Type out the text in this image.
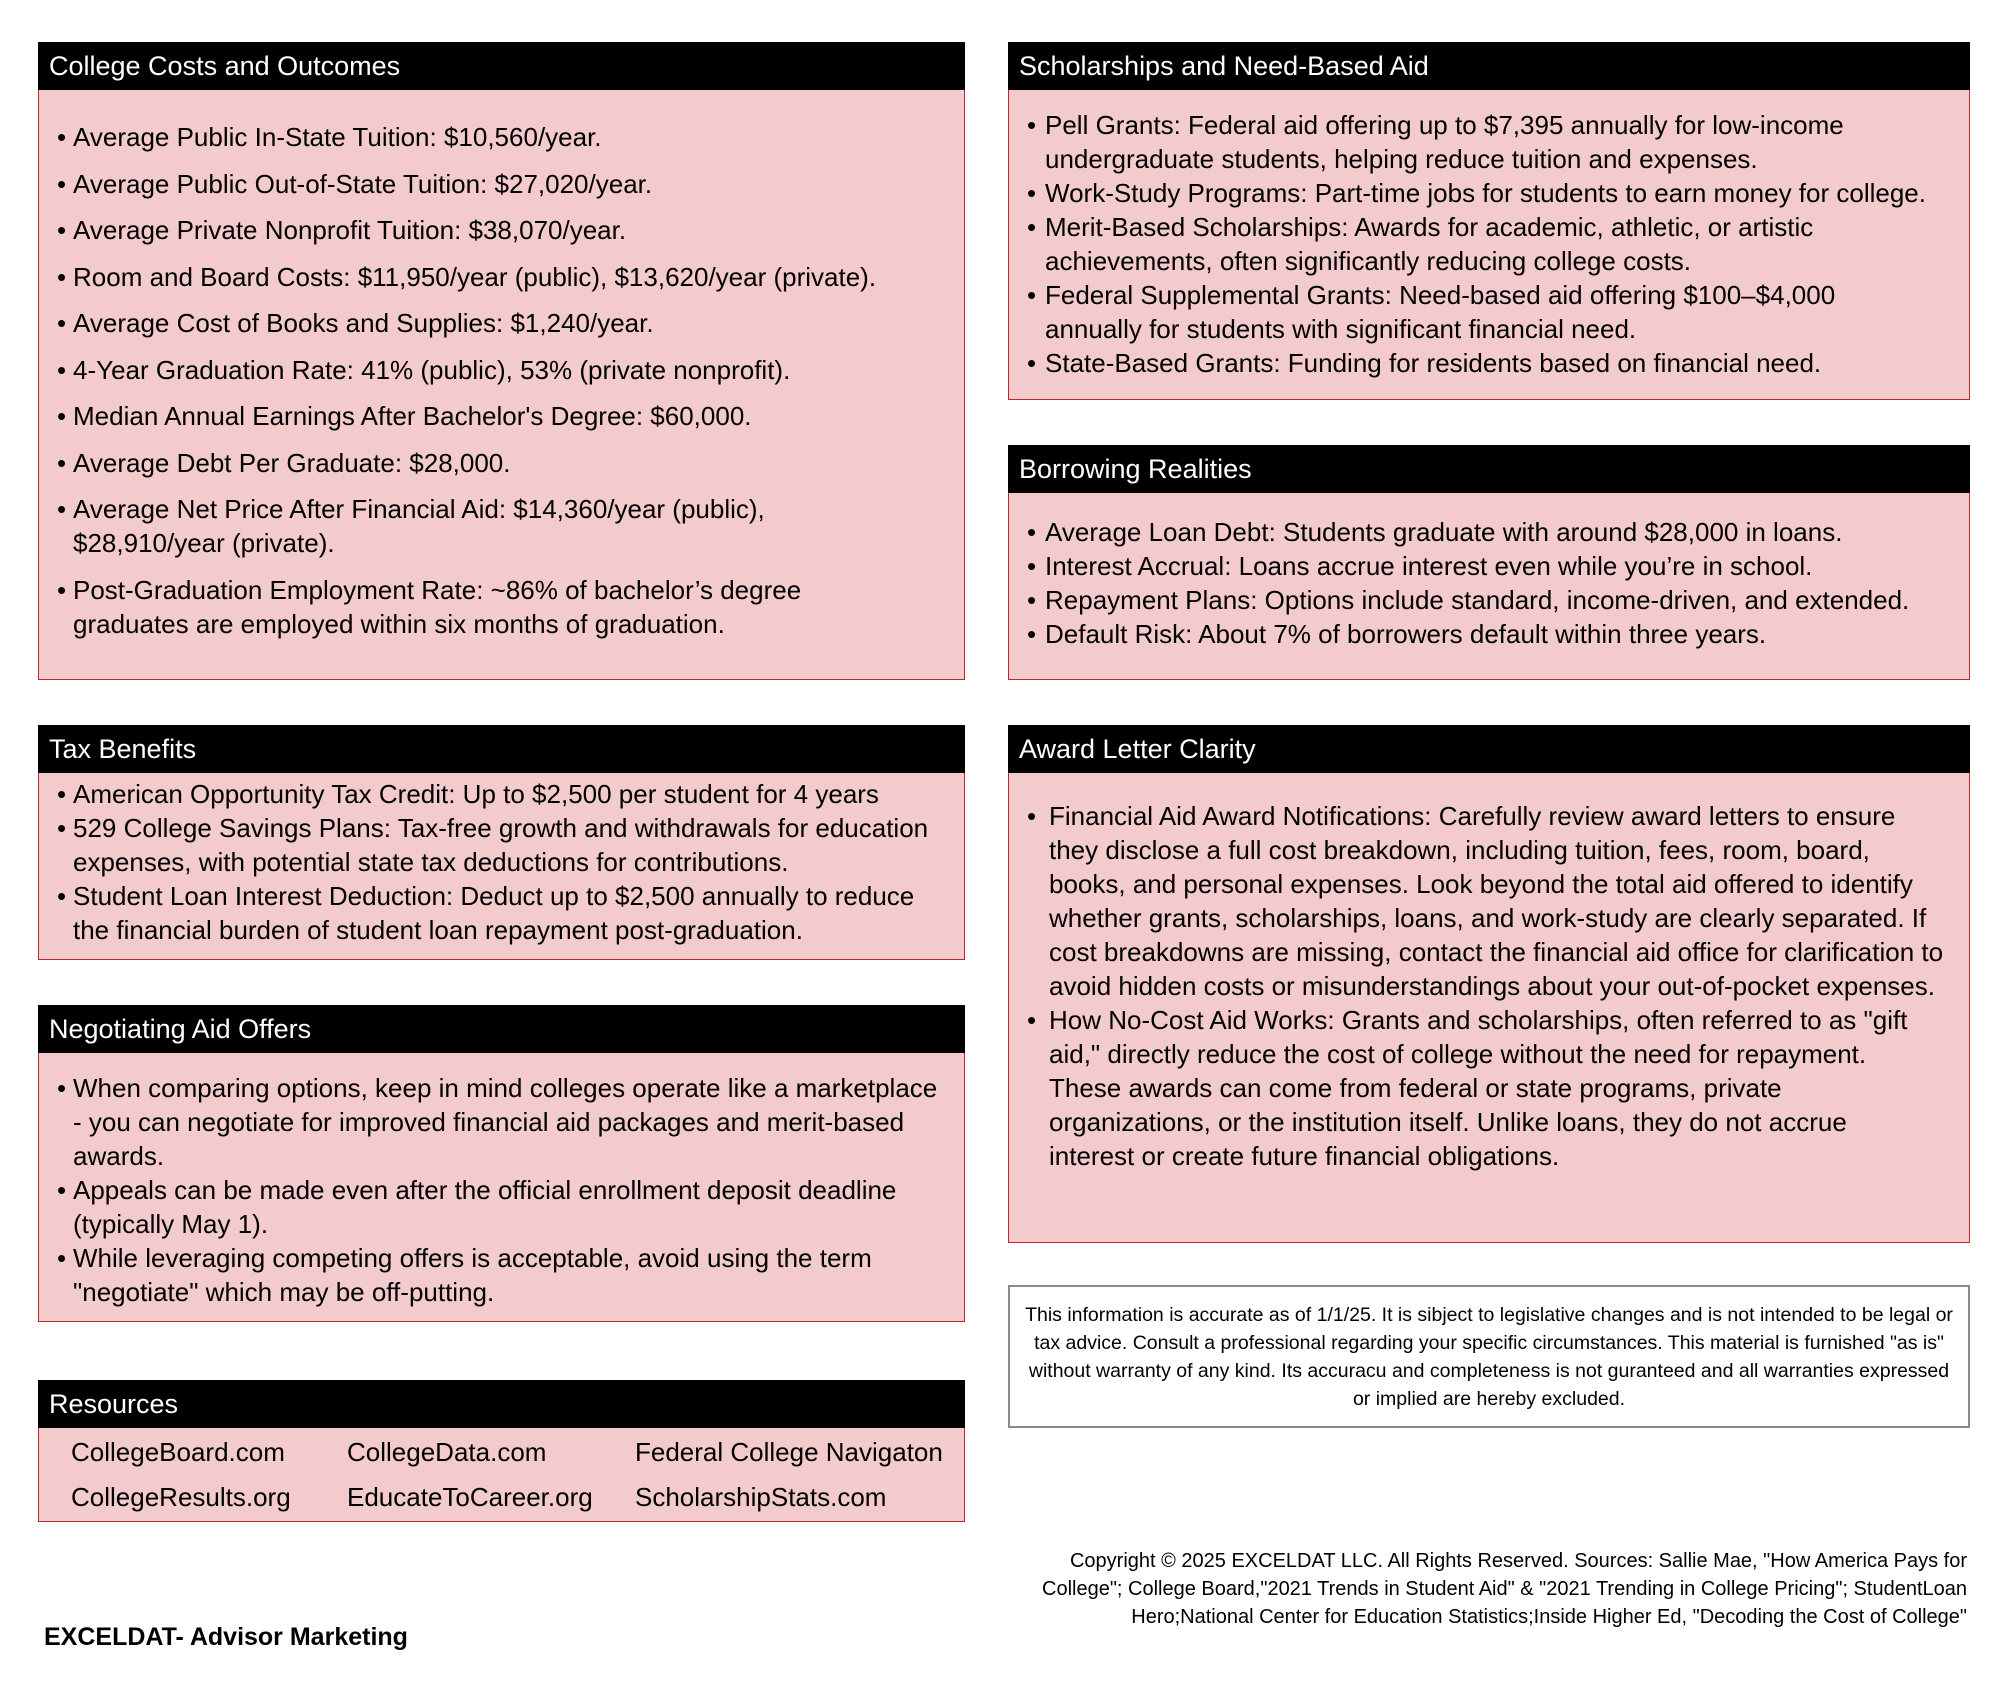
College Costs and Outcomes
• Average Public In-State Tuition: $10,560/year.
• Average Public Out-of-State Tuition: $27,020/year.
• Average Private Nonprofit Tuition: $38,070/year.
• Room and Board Costs: $11,950/year (public), $13,620/year (private).
• Average Cost of Books and Supplies: $1,240/year.
• 4-Year Graduation Rate: 41% (public), 53% (private nonprofit).
• Median Annual Earnings After Bachelor's Degree: $60,000.
• Average Debt Per Graduate: $28,000.
• Average Net Price After Financial Aid: $14,360/year (public), $28,910/year (private).
• Post-Graduation Employment Rate: ~86% of bachelor’s degree graduates are employed within six months of graduation.
Tax Benefits
• American Opportunity Tax Credit: Up to $2,500 per student for 4 years
• 529 College Savings Plans: Tax-free growth and withdrawals for education expenses, with potential state tax deductions for contributions.
• Student Loan Interest Deduction: Deduct up to $2,500 annually to reduce the financial burden of student loan repayment post-graduation.
Negotiating Aid Offers
• When comparing options, keep in mind colleges operate like a marketplace - you can negotiate for improved financial aid packages and merit-based awards.
• Appeals can be made even after the official enrollment deposit deadline (typically May 1).
• While leveraging competing offers is acceptable, avoid using the term "negotiate" which may be off-putting.
Resources
CollegeBoard.com	CollegeData.com	Federal College Navigaton
CollegeResults.org	EducateToCareer.org	ScholarshipStats.com
Scholarships and Need-Based Aid
• Pell Grants: Federal aid offering up to $7,395 annually for low-income undergraduate students, helping reduce tuition and expenses.
• Work-Study Programs: Part-time jobs for students to earn money for college.
• Merit-Based Scholarships: Awards for academic, athletic, or artistic achievements, often significantly reducing college costs.
• Federal Supplemental Grants: Need-based aid offering $100–$4,000 annually for students with significant financial need.
• State-Based Grants: Funding for residents based on financial need.
Borrowing Realities
• Average Loan Debt: Students graduate with around $28,000 in loans.
• Interest Accrual: Loans accrue interest even while you’re in school.
• Repayment Plans: Options include standard, income-driven, and extended.
• Default Risk: About 7% of borrowers default within three years.
Award Letter Clarity
• Financial Aid Award Notifications: Carefully review award letters to ensure they disclose a full cost breakdown, including tuition, fees, room, board, books, and personal expenses. Look beyond the total aid offered to identify whether grants, scholarships, loans, and work-study are clearly separated. If cost breakdowns are missing, contact the financial aid office for clarification to avoid hidden costs or misunderstandings about your out-of-pocket expenses.
• How No-Cost Aid Works: Grants and scholarships, often referred to as "gift aid," directly reduce the cost of college without the need for repayment. These awards can come from federal or state programs, private organizations, or the institution itself. Unlike loans, they do not accrue interest or create future financial obligations.
This information is accurate as of 1/1/25. It is sibject to legislative changes and is not intended to be legal or tax advice. Consult a professional regarding your specific circumstances. This material is furnished "as is" without warranty of any kind. Its accuracu and completeness is not guranteed and all warranties expressed or implied are hereby excluded.
Copyright © 2025 EXCELDAT LLC. All Rights Reserved. Sources: Sallie Mae, "How America Pays for College"; College Board,"2021 Trends in Student Aid" & "2021 Trending in College Pricing"; StudentLoan Hero;National Center for Education Statistics;Inside Higher Ed, "Decoding the Cost of College"
EXCELDAT- Advisor Marketing
